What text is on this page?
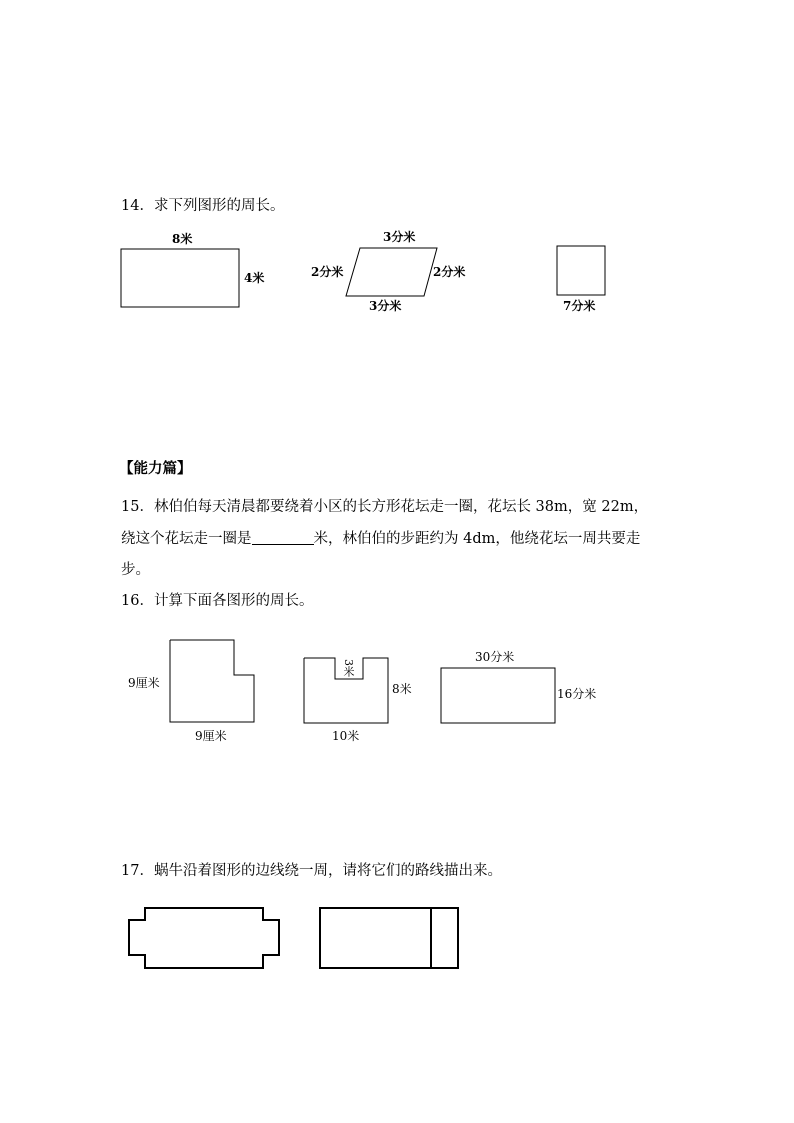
14．求下列图形的周长。
8米
4米
3分米
3分米
2分米	2分米
7分米
【能力篇】
15．林伯伯每天清晨都要绕着小区的长方形花坛走一圈，花坛长 38m，宽 22m，
绕这个花坛走一圈是	米，林伯伯的步距约为 4dm，他绕花坛一周共要走
步。
16．计算下面各图形的周长。
9厘米
9厘米
3米
8米
10米
30分米
16分米
17．蜗牛沿着图形的边线绕一周，请将它们的路线描出来。
